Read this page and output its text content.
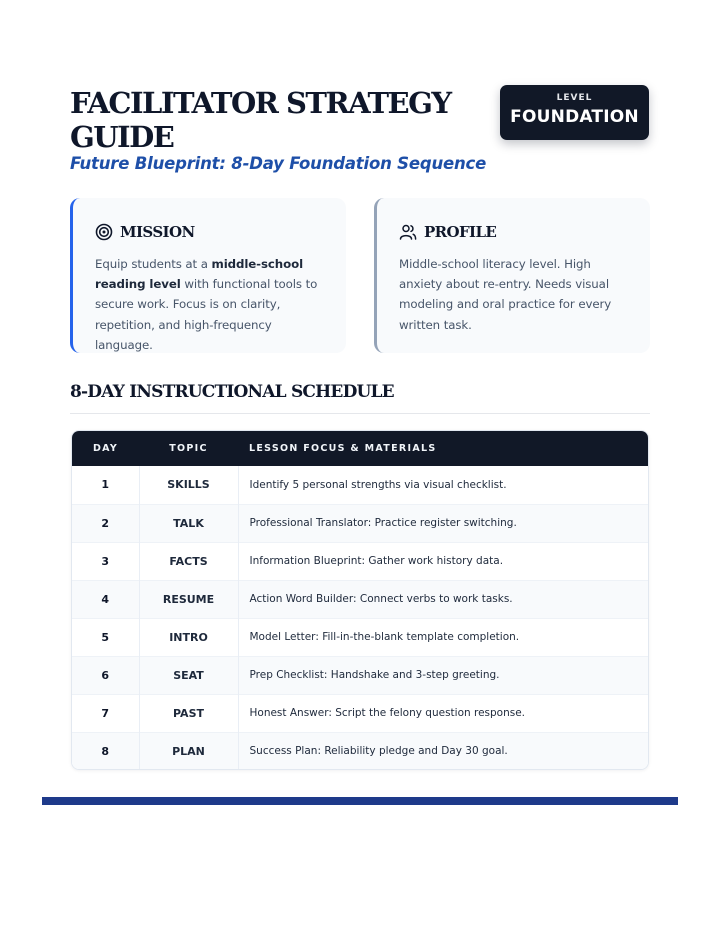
FACILITATOR STRATEGY GUIDE
Future Blueprint: 8-Day Foundation Sequence
LEVEL
FOUNDATION
MISSION

Equip students at a middle-school reading level with functional tools to secure work. Focus is on clarity, repetition, and high-frequency language.

PROFILE

Middle-school literacy level. High anxiety about re-entry. Needs visual modeling and oral practice for every written task.

8-DAY INSTRUCTIONAL SCHEDULE
DAY	TOPIC	LESSON FOCUS & MATERIALS
1	SKILLS	Identify 5 personal strengths via visual checklist.
2	TALK	Professional Translator: Practice register switching.
3	FACTS	Information Blueprint: Gather work history data.
4	RESUME	Action Word Builder: Connect verbs to work tasks.
5	INTRO	Model Letter: Fill-in-the-blank template completion.
6	SEAT	Prep Checklist: Handshake and 3-step greeting.
7	PAST	Honest Answer: Script the felony question response.
8	PLAN	Success Plan: Reliability pledge and Day 30 goal.
